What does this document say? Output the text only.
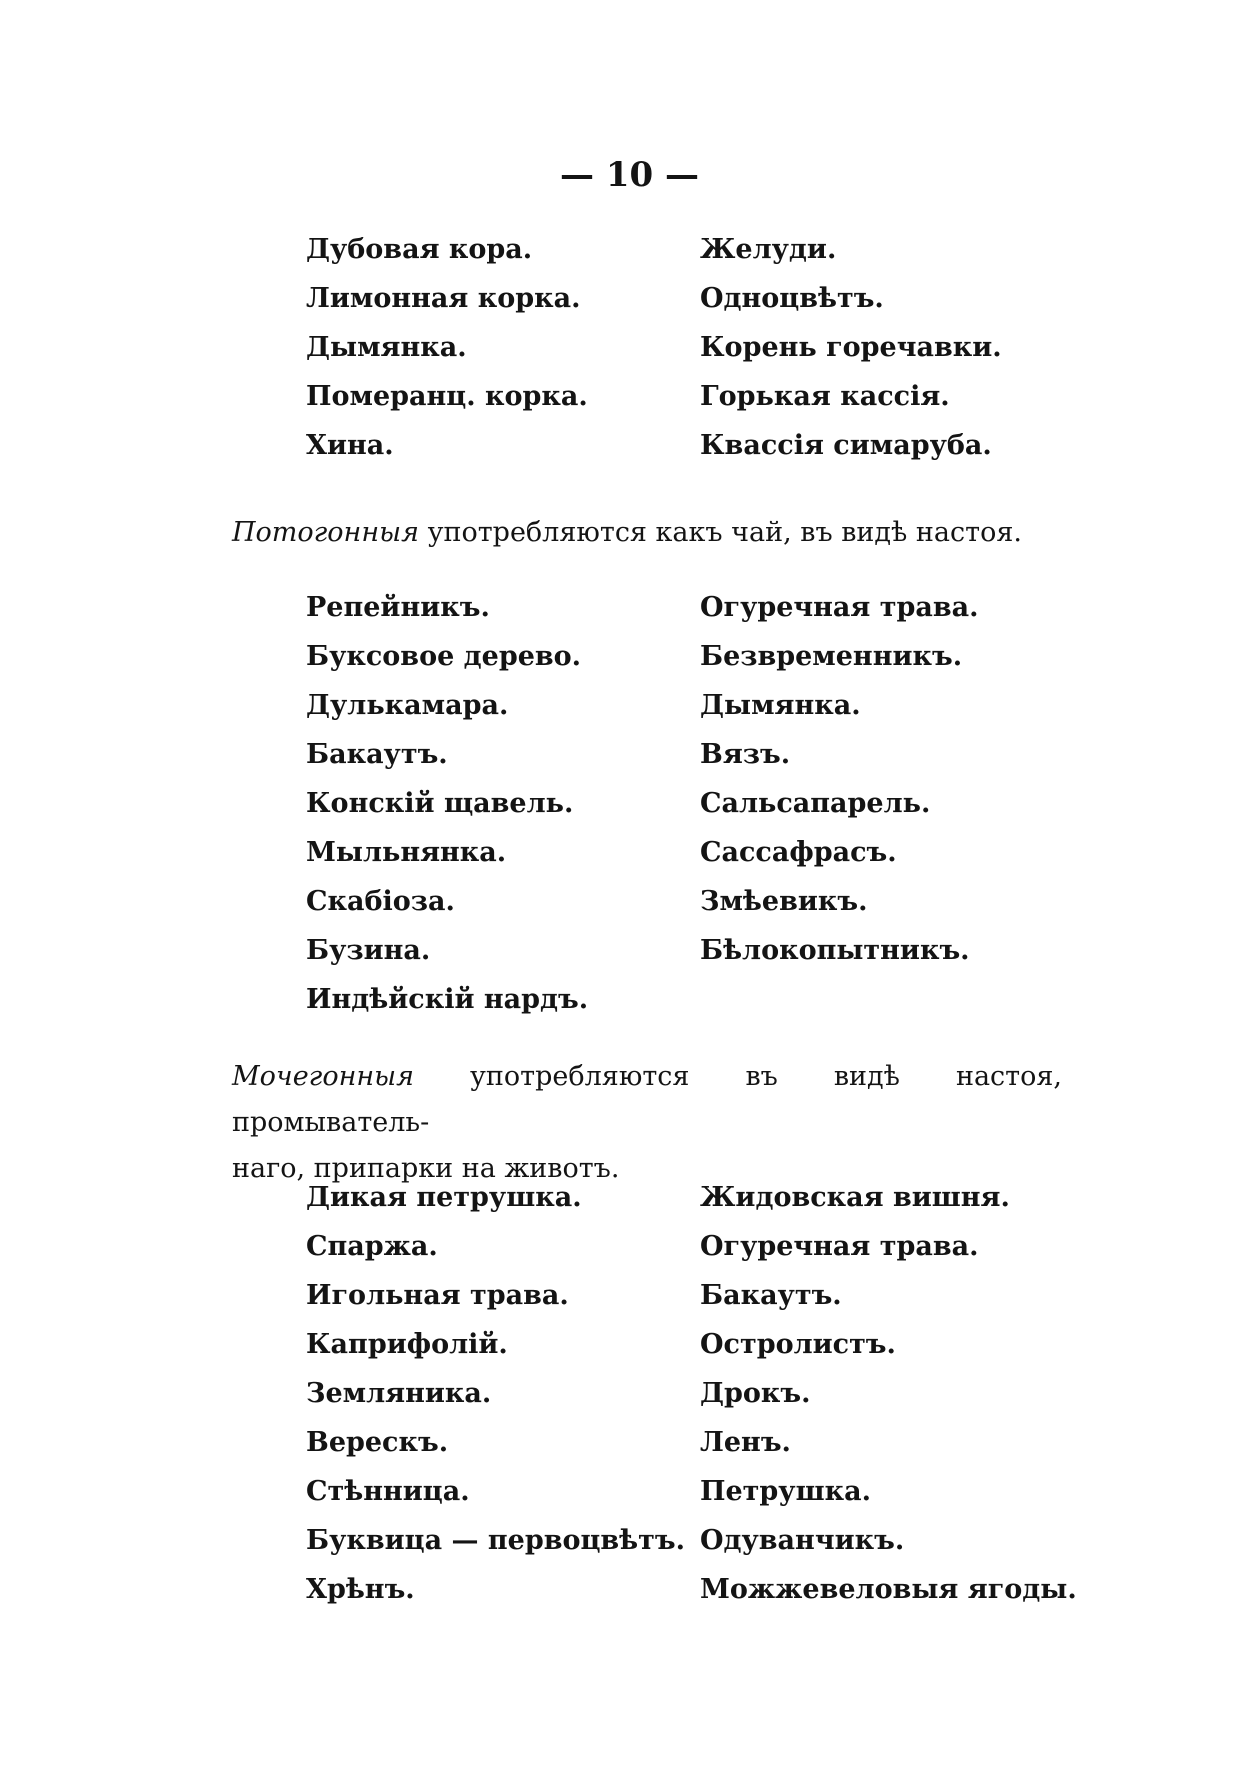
— 10 —
Дубовая кора.
Лимонная корка.
Дымянка.
Померанц. корка.
Хина.
Желуди.
Одноцвѣтъ.
Корень горечавки.
Горькая кассія.
Квассія симаруба.
Потогонныя употребляются какъ чай, въ видѣ настоя.
Репейникъ.
Буксовое дерево.
Дулькамара.
Бакаутъ.
Конскій щавель.
Мыльнянка.
Скабіоза.
Бузина.
Индѣйскій нардъ.
Огуречная трава.
Безвременникъ.
Дымянка.
Вязъ.
Сальсапарель.
Сассафрасъ.
Змѣевикъ.
Бѣлокопытникъ.
Мочегонныя употребляются въ видѣ настоя, промыватель-
наго, припарки на животъ.
Дикая петрушка.
Спаржа.
Игольная трава.
Каприфолій.
Земляника.
Верескъ.
Стѣнница.
Буквица — первоцвѣтъ.
Хрѣнъ.
Жидовская вишня.
Огуречная трава.
Бакаутъ.
Остролистъ.
Дрокъ.
Ленъ.
Петрушка.
Одуванчикъ.
Можжевеловыя ягоды.
